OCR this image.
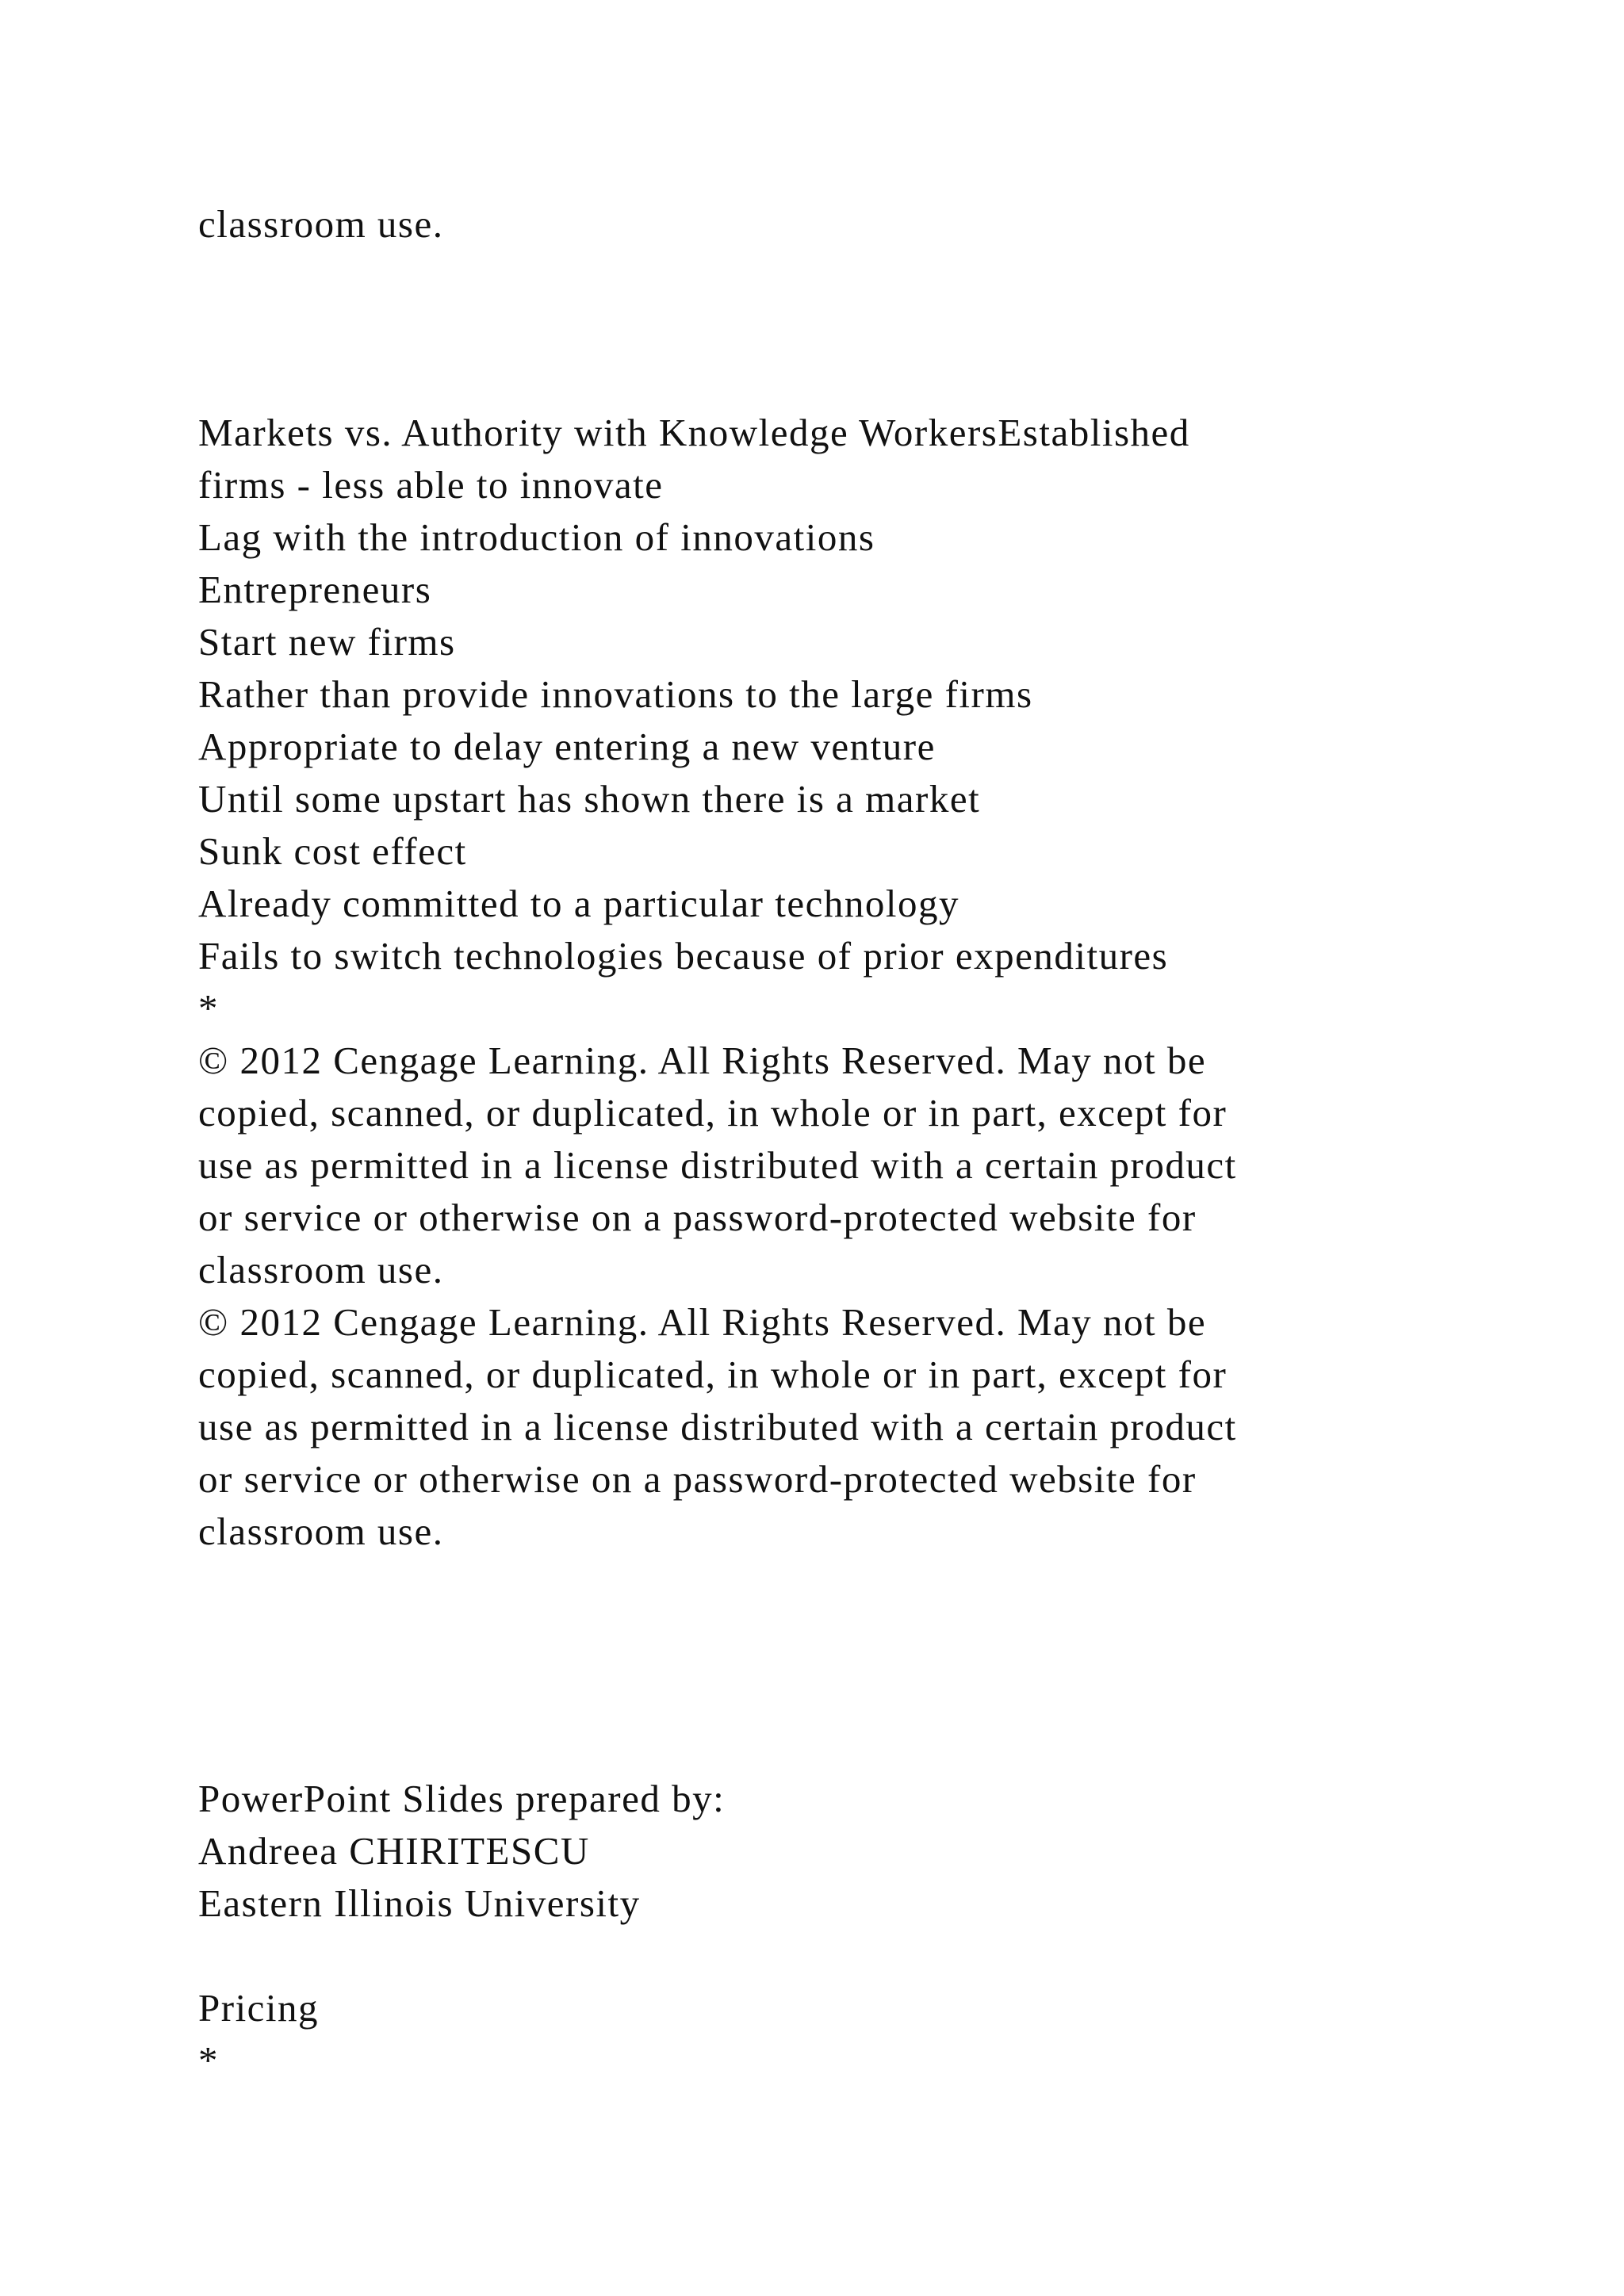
classroom use.
Markets vs. Authority with Knowledge WorkersEstablished
firms - less able to innovate
Lag with the introduction of innovations
Entrepreneurs
Start new firms
Rather than provide innovations to the large firms
Appropriate to delay entering a new venture
Until some upstart has shown there is a market
Sunk cost effect
Already committed to a particular technology
Fails to switch technologies because of prior expenditures
*
© 2012 Cengage Learning. All Rights Reserved. May not be
copied, scanned, or duplicated, in whole or in part, except for
use as permitted in a license distributed with a certain product
or service or otherwise on a password-protected website for
classroom use.
© 2012 Cengage Learning. All Rights Reserved. May not be
copied, scanned, or duplicated, in whole or in part, except for
use as permitted in a license distributed with a certain product
or service or otherwise on a password-protected website for
classroom use.
PowerPoint Slides prepared by:
Andreea CHIRITESCU
Eastern Illinois University
Pricing
*
